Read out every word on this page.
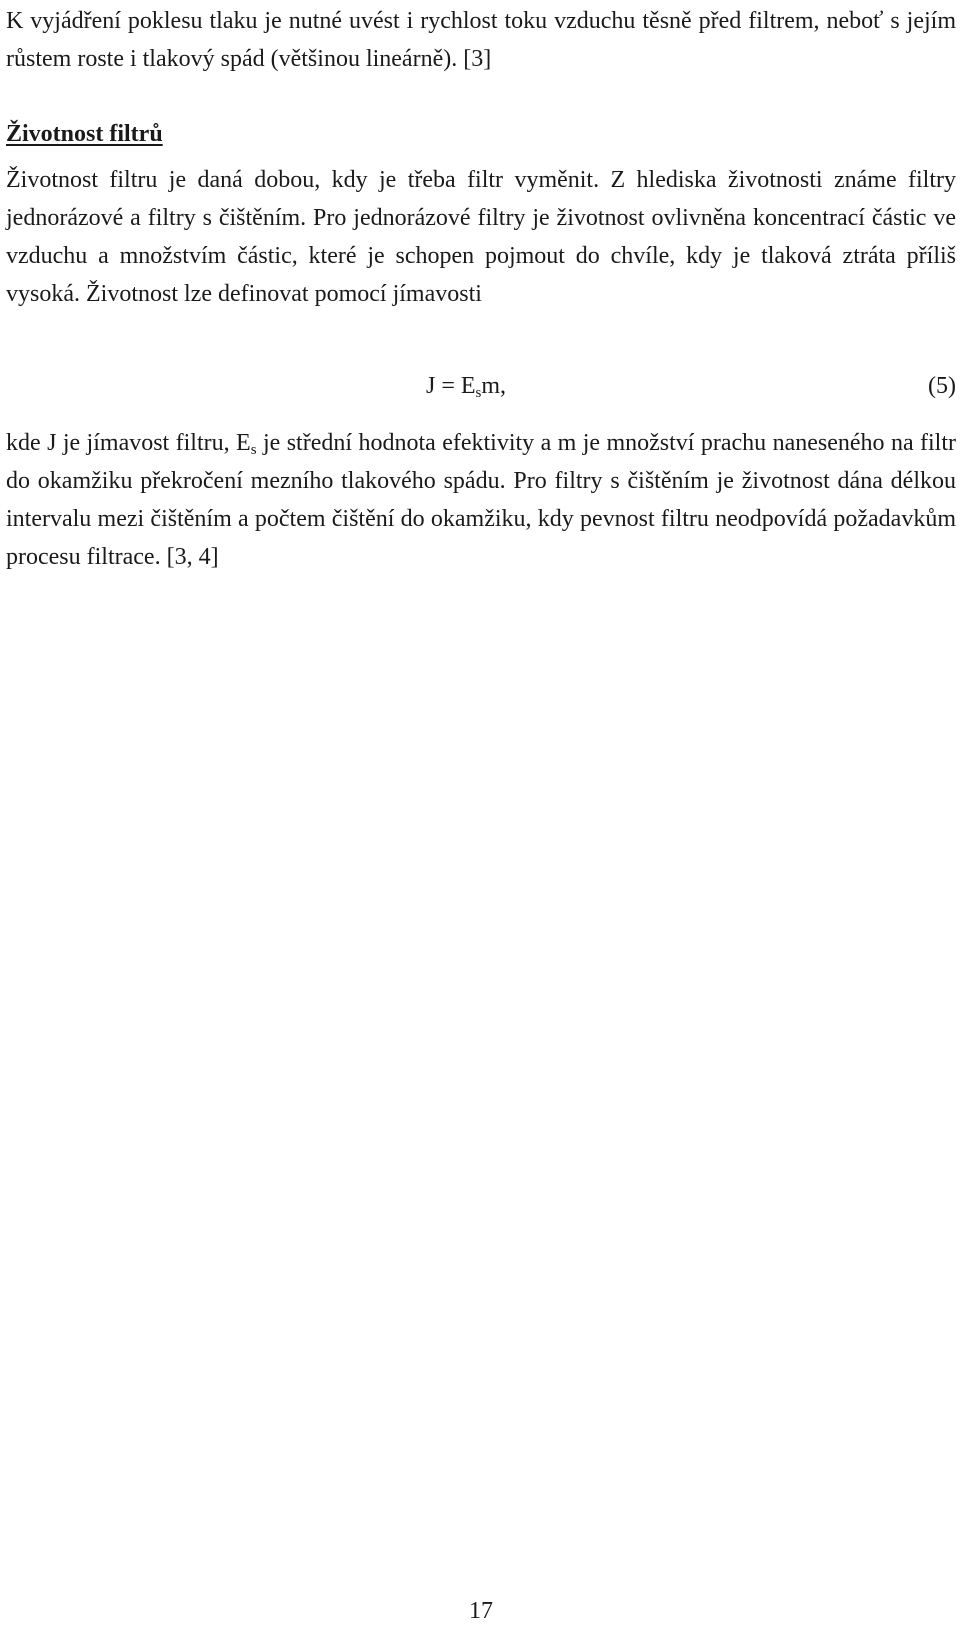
K vyjádření poklesu tlaku je nutné uvést i rychlost toku vzduchu těsně před filtrem, neboť s jejím růstem roste i tlakový spád (většinou lineárně). [3]

Životnost filtrů

Životnost filtru je daná dobou, kdy je třeba filtr vyměnit. Z hlediska životnosti známe filtry jednorázové a filtry s čištěním. Pro jednorázové filtry je životnost ovlivněna koncentrací částic ve vzduchu a množstvím částic, které je schopen pojmout do chvíle, kdy je tlaková ztráta příliš vysoká. Životnost lze definovat pomocí jímavosti

$J = E_sm$,	(5)

kde J je jímavost filtru, $E_s$ je střední hodnota efektivity a m je množství prachu naneseného na filtr do okamžiku překročení mezního tlakového spádu. Pro filtry s čištěním je životnost dána délkou intervalu mezi čištěním a počtem čištění do okamžiku, kdy pevnost filtru neodpovídá požadavkům procesu filtrace. [3, 4]

17
